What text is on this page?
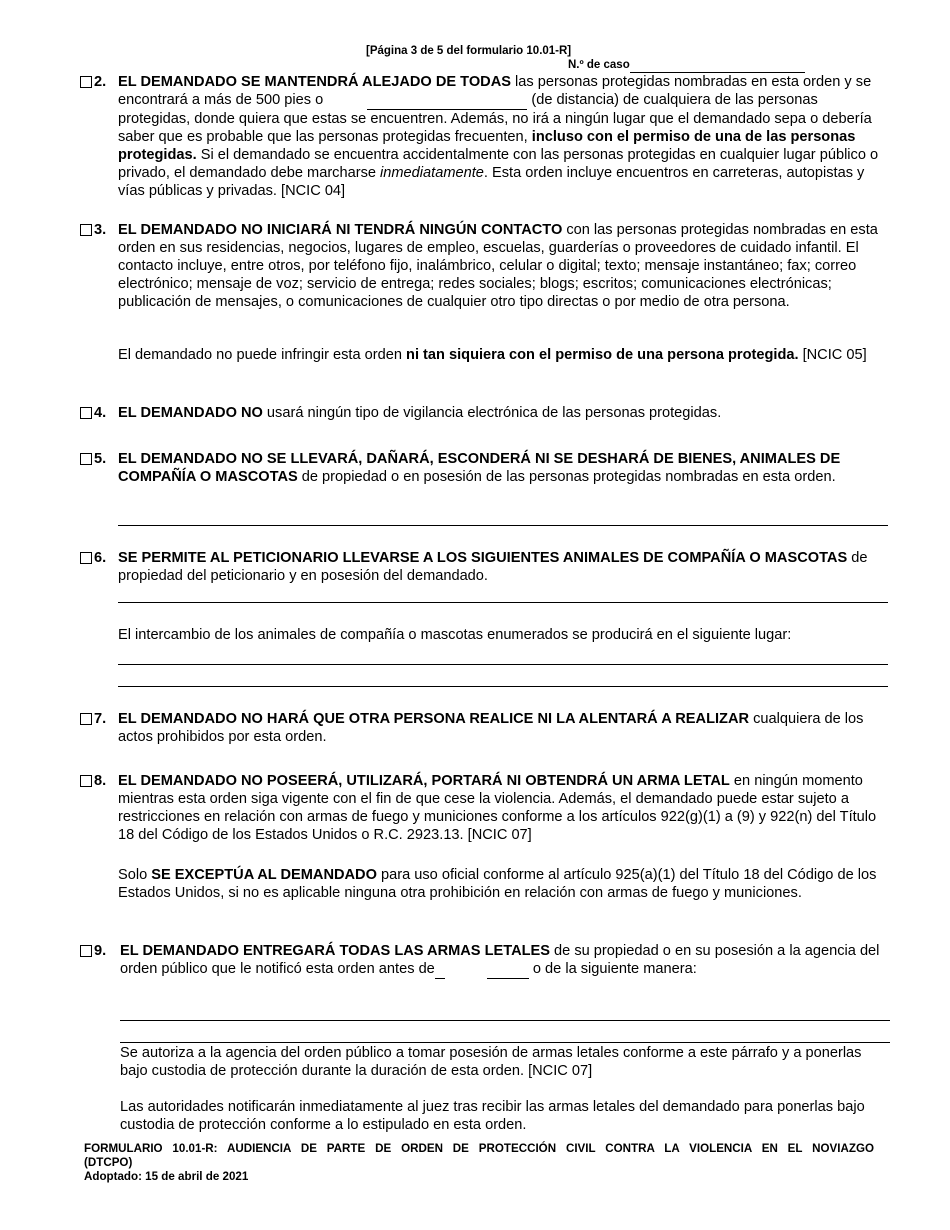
[Página 3 de 5 del formulario 10.01-R]
N.º de caso
2. EL DEMANDADO SE MANTENDRÁ ALEJADO DE TODAS las personas protegidas nombradas en esta orden y se encontrará a más de 500 pies o	(de distancia) de cualquiera de las personas protegidas, donde quiera que estas se encuentren. Además, no irá a ningún lugar que el demandado sepa o debería saber que es probable que las personas protegidas frecuenten, incluso con el permiso de una de las personas protegidas. Si el demandado se encuentra accidentalmente con las personas protegidas en cualquier lugar público o privado, el demandado debe marcharse inmediatamente. Esta orden incluye encuentros en carreteras, autopistas y vías públicas y privadas. [NCIC 04]
3. EL DEMANDADO NO INICIARÁ NI TENDRÁ NINGÚN CONTACTO con las personas protegidas nombradas en esta orden en sus residencias, negocios, lugares de empleo, escuelas, guarderías o proveedores de cuidado infantil. El contacto incluye, entre otros, por teléfono fijo, inalámbrico, celular o digital; texto; mensaje instantáneo; fax; correo electrónico; mensaje de voz; servicio de entrega; redes sociales; blogs; escritos; comunicaciones electrónicas; publicación de mensajes, o comunicaciones de cualquier otro tipo directas o por medio de otra persona.
El demandado no puede infringir esta orden ni tan siquiera con el permiso de una persona protegida. [NCIC 05]
4. EL DEMANDADO NO usará ningún tipo de vigilancia electrónica de las personas protegidas.
5. EL DEMANDADO NO SE LLEVARÁ, DAÑARÁ, ESCONDERÁ NI SE DESHARÁ DE BIENES, ANIMALES DE COMPAÑÍA O MASCOTAS de propiedad o en posesión de las personas protegidas nombradas en esta orden.
6. SE PERMITE AL PETICIONARIO LLEVARSE A LOS SIGUIENTES ANIMALES DE COMPAÑÍA O MASCOTAS de propiedad del peticionario y en posesión del demandado.
El intercambio de los animales de compañía o mascotas enumerados se producirá en el siguiente lugar:
7. EL DEMANDADO NO HARÁ QUE OTRA PERSONA REALICE NI LA ALENTARÁ A REALIZAR cualquiera de los actos prohibidos por esta orden.
8. EL DEMANDADO NO POSEERÁ, UTILIZARÁ, PORTARÁ NI OBTENDRÁ UN ARMA LETAL en ningún momento mientras esta orden siga vigente con el fin de que cese la violencia. Además, el demandado puede estar sujeto a restricciones en relación con armas de fuego y municiones conforme a los artículos 922(g)(1) a (9) y 922(n) del Título 18 del Código de los Estados Unidos o R.C. 2923.13. [NCIC 07]
Solo SE EXCEPTÚA AL DEMANDADO para uso oficial conforme al artículo 925(a)(1) del Título 18 del Código de los Estados Unidos, si no es aplicable ninguna otra prohibición en relación con armas de fuego y municiones.
9. EL DEMANDADO ENTREGARÁ TODAS LAS ARMAS LETALES de su propiedad o en su posesión a la agencia del orden público que le notificó esta orden antes de	o de la siguiente manera:
Se autoriza a la agencia del orden público a tomar posesión de armas letales conforme a este párrafo y a ponerlas bajo custodia de protección durante la duración de esta orden. [NCIC 07]
Las autoridades notificarán inmediatamente al juez tras recibir las armas letales del demandado para ponerlas bajo custodia de protección conforme a lo estipulado en esta orden.
FORMULARIO 10.01-R: AUDIENCIA DE PARTE DE ORDEN DE PROTECCIÓN CIVIL CONTRA LA VIOLENCIA EN EL NOVIAZGO
(DTCPO)
Adoptado: 15 de abril de 2021
